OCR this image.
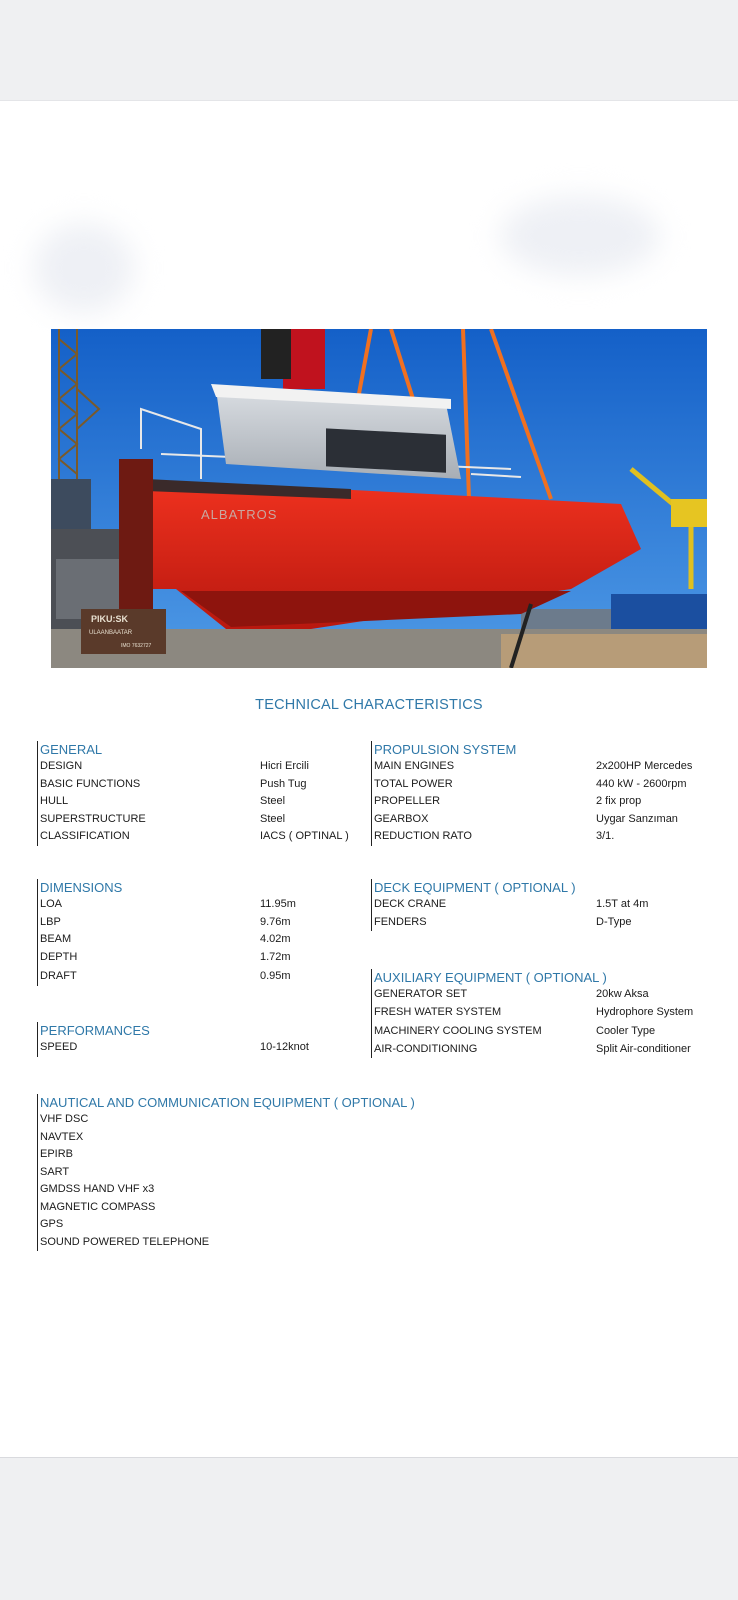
ALBATROS
PIKU:SK
ULAANBAATAR
IMO 7632727
TECHNICAL CHARACTERISTICS
GENERAL
DESIGN	Hicri Ercili
BASIC FUNCTIONS	Push Tug
HULL	Steel
SUPERSTRUCTURE	Steel
CLASSIFICATION	IACS ( OPTINAL )
PROPULSION SYSTEM
MAIN ENGINES	2x200HP Mercedes
TOTAL POWER	440 kW - 2600rpm
PROPELLER	2 fix prop
GEARBOX	Uygar Sanzıman
REDUCTION RATO	3/1.
DIMENSIONS
LOA	11.95m
LBP	9.76m
BEAM	4.02m
DEPTH	1.72m
DRAFT	0.95m
DECK EQUIPMENT ( OPTIONAL )
DECK CRANE	1.5T at 4m
FENDERS	D-Type
AUXILIARY EQUIPMENT ( OPTIONAL )
GENERATOR SET	20kw Aksa
FRESH WATER SYSTEM	Hydrophore System
MACHINERY COOLING SYSTEM	Cooler Type
AIR-CONDITIONING	Split Air-conditioner
PERFORMANCES
SPEED	10-12knot
NAUTICAL AND COMMUNICATION EQUIPMENT ( OPTIONAL )
VHF DSC
NAVTEX
EPIRB
SART
GMDSS HAND VHF x3
MAGNETIC COMPASS
GPS
SOUND POWERED TELEPHONE
